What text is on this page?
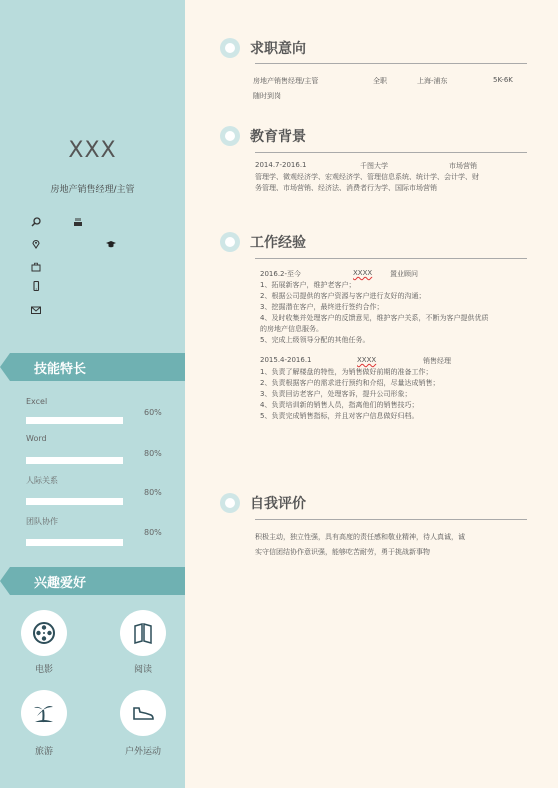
XXX
房地产销售经理/主管
技能特长
Excel
60%
Word
80%
人际关系
80%
团队协作
80%
兴趣爱好
电影	阅读
旅游	户外运动
求职意向
房地产销售经理/主管	全职	上海-浦东	5K-6K
随时到岗
教育背景
2014.7-2016.1	千图大学	市场营销
管理学、微观经济学、宏观经济学、管理信息系统、统计学、会计学、财
务管理、市场营销、经济法、消费者行为学、国际市场营销
工作经验
2016.2-至今	XXXX	置业顾问
1、拓展新客户，维护老客户；
2、根据公司提供的客户资源与客户进行友好的沟通；
3、挖掘潜在客户，最终进行签约合作；
4、及时收集并处理客户的反馈意见，维护客户关系，不断为客户提供优质
的房地产信息服务。
5、完成上级领导分配的其他任务。
2015.4-2016.1	XXXX	销售经理
1、负责了解楼盘的特性，为销售做好前期的准备工作；
2、负责根据客户的需求进行预约和介绍，尽量达成销售；
3、负责回访老客户，处理客诉，提升公司形象；
4、负责培训新的销售人员，指离他们的销售技巧；
5、负责完成销售指标，并且对客户信息做好归档。
自我评价
积极主动，独立性强，具有高度的责任感和敬业精神，待人真诚，诚
实守信团结协作意识强，能够吃苦耐劳，勇于挑战新事物
